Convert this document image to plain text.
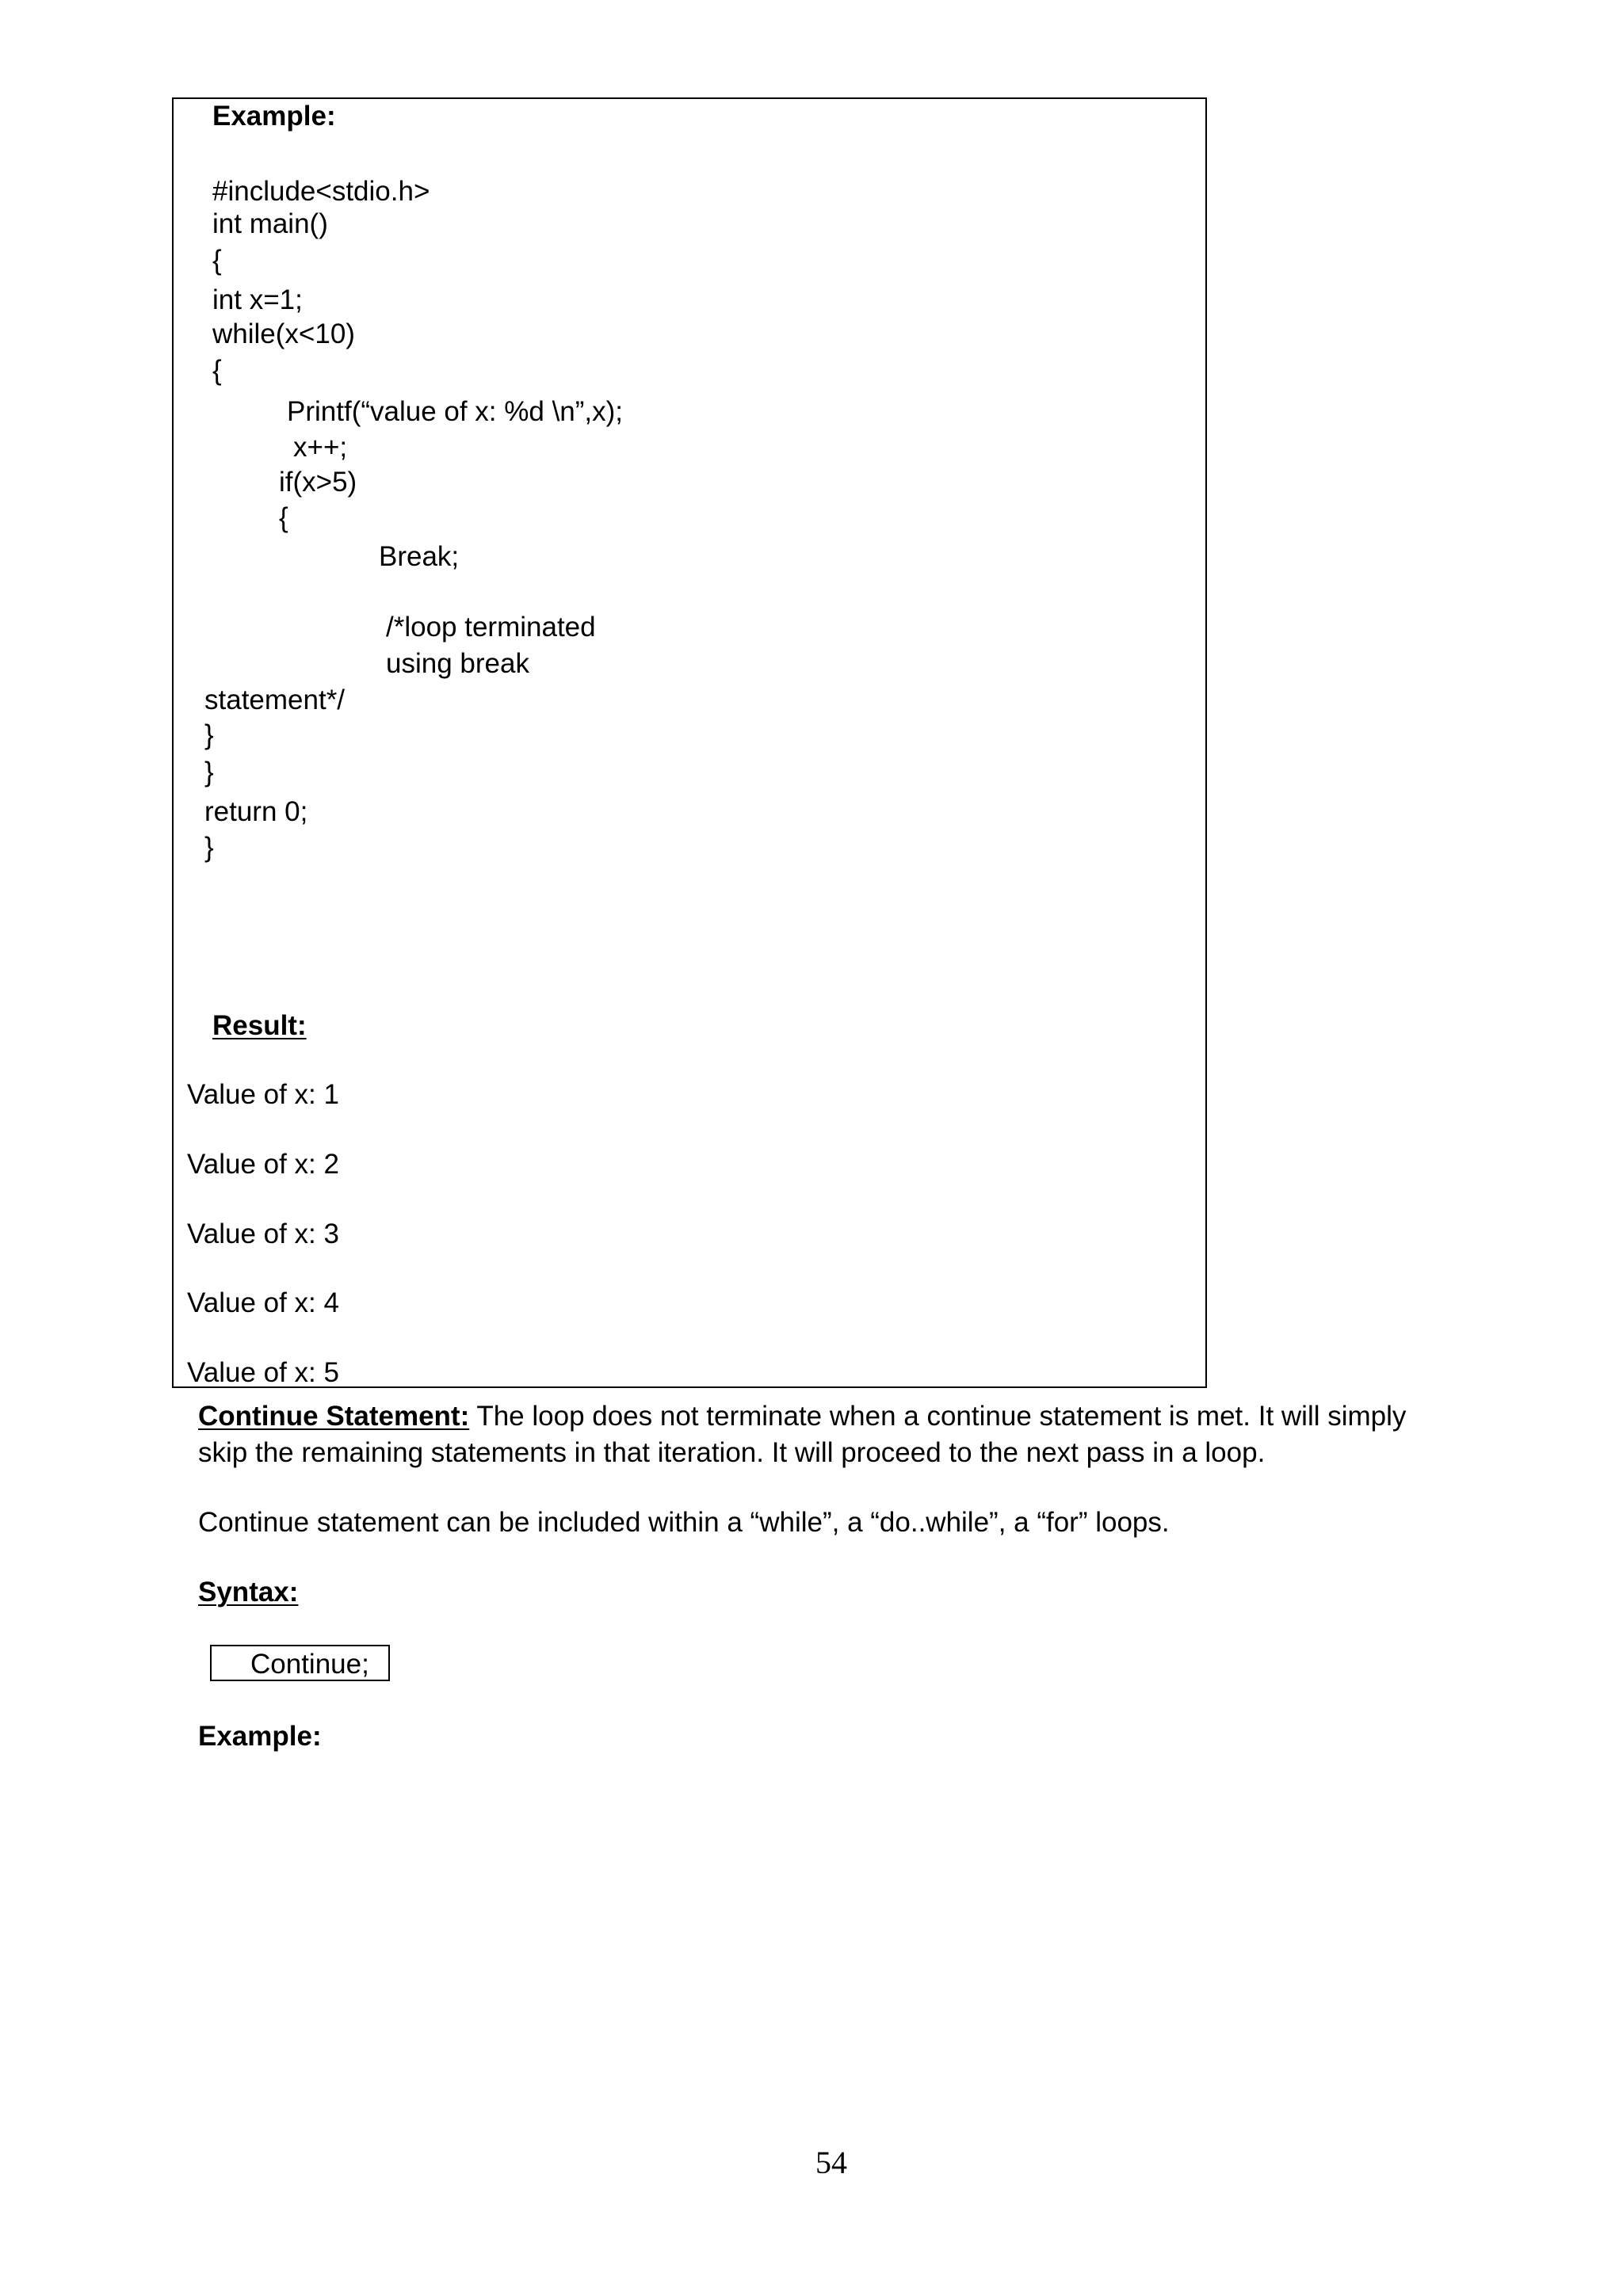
Example:
#include<stdio.h>
int main()
{
int x=1;
while(x<10)
{
Printf(“value of x: %d \n”,x);
x++;
if(x>5)
{
Break;
/*loop terminated
using break
statement*/
}
}
return 0;
}
Result:
Value of x: 1
Value of x: 2
Value of x: 3
Value of x: 4
Value of x: 5
Continue Statement: The loop does not terminate when a continue statement is met. It will simply
skip the remaining statements in that iteration. It will proceed to the next pass in a loop.
Continue statement can be included within a “while”, a “do..while”, a “for” loops.
Syntax:
Continue;
Example:
54
